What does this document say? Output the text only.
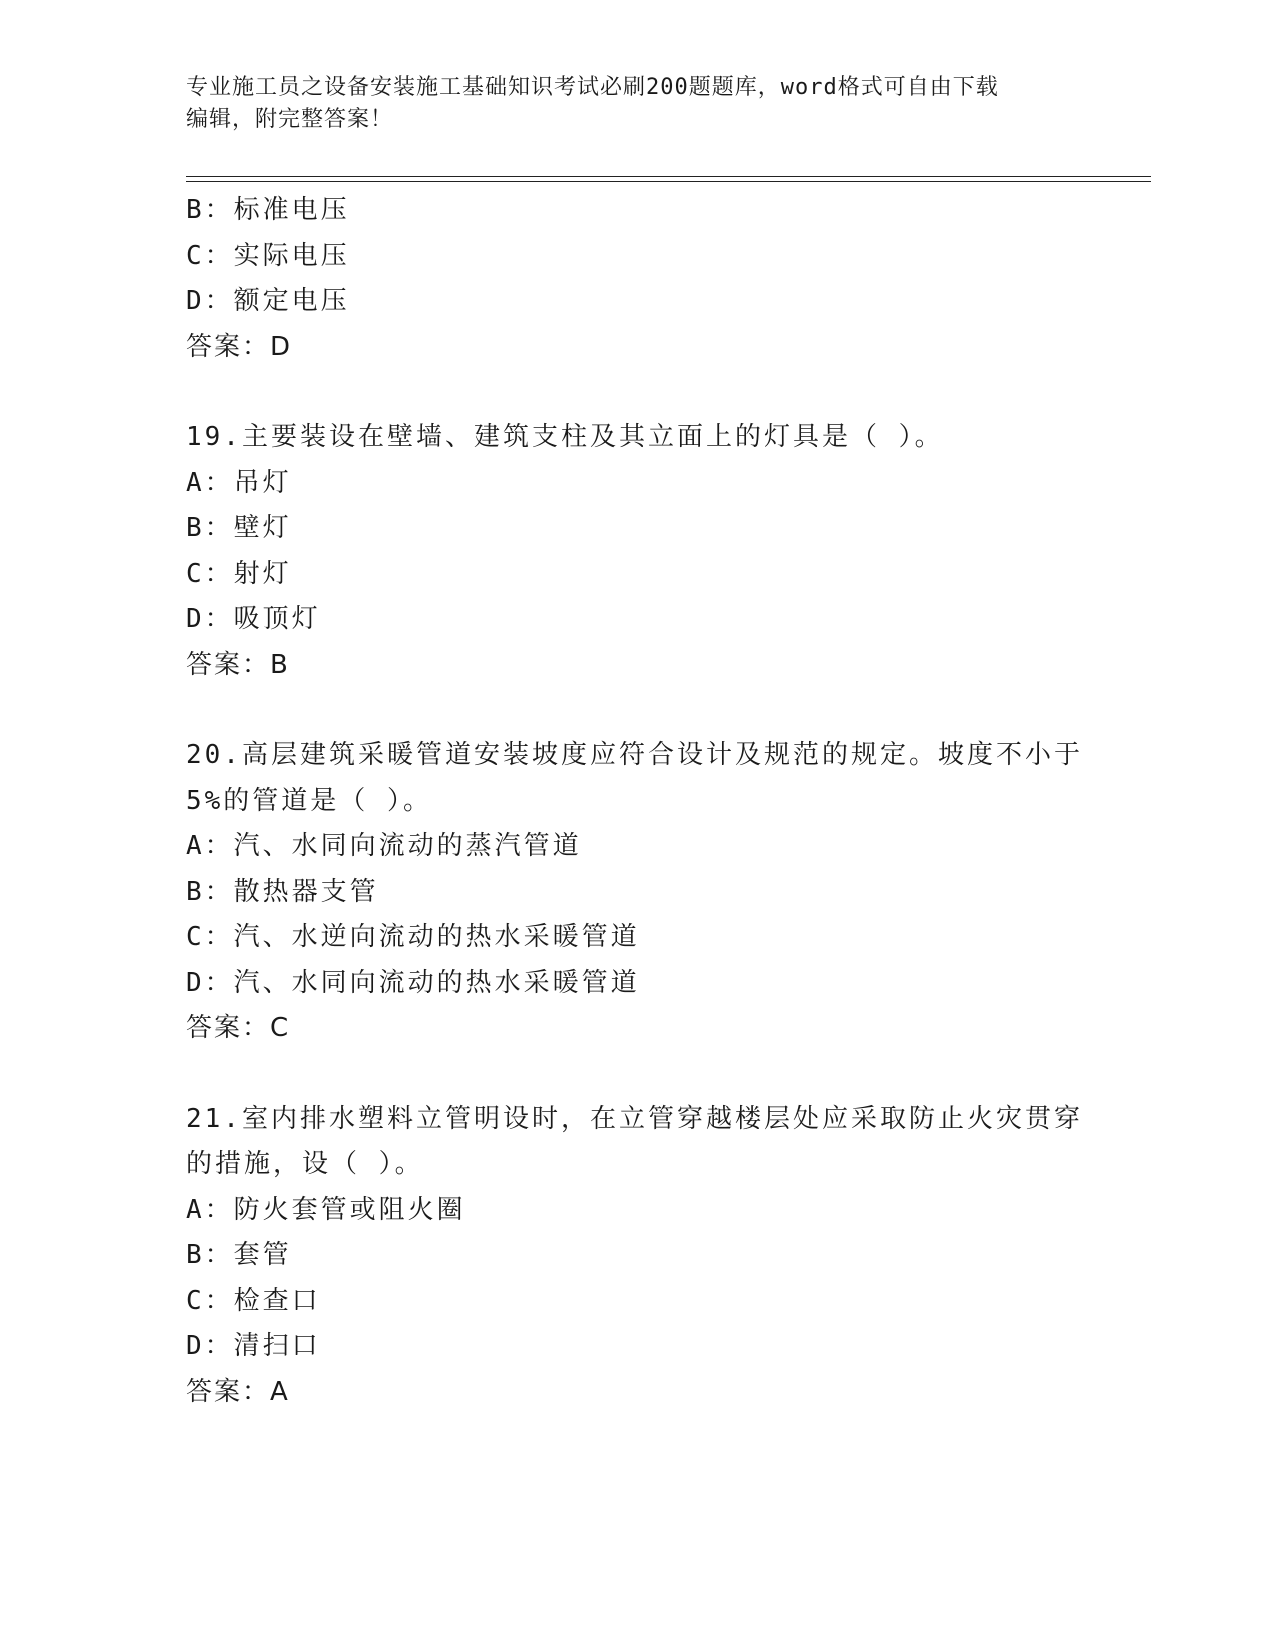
专业施工员之设备安装施工基础知识考试必刷200题题库，word格式可自由下载
编辑，附完整答案！
B：标准电压
C：实际电压
D：额定电压
答案：D
19.主要装设在壁墙、建筑支柱及其立面上的灯具是（ ）。
A：吊灯
B：壁灯
C：射灯
D：吸顶灯
答案：B
20.高层建筑采暖管道安装坡度应符合设计及规范的规定。坡度不小于
5%的管道是（ ）。
A：汽、水同向流动的蒸汽管道
B：散热器支管
C：汽、水逆向流动的热水采暖管道
D：汽、水同向流动的热水采暖管道
答案：C
21.室内排水塑料立管明设时，在立管穿越楼层处应采取防止火灾贯穿
的措施，设（ ）。
A：防火套管或阻火圈
B：套管
C：检查口
D：清扫口
答案：A
